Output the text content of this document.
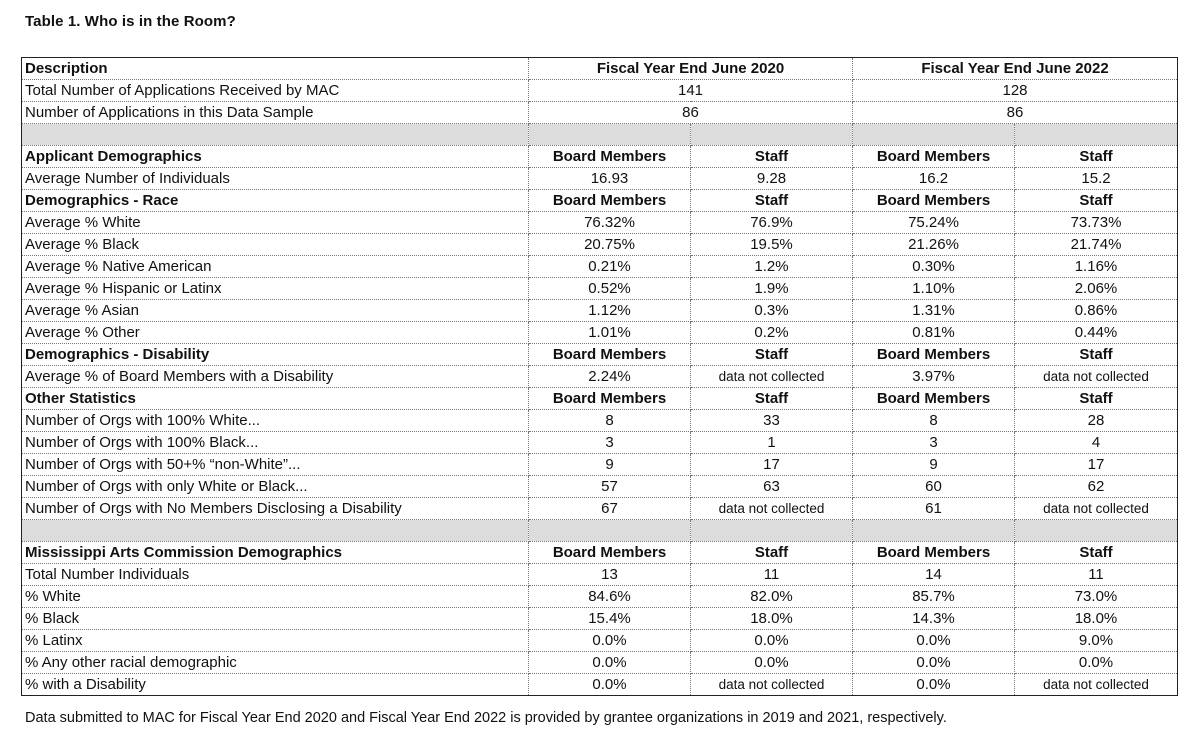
Table 1. Who is in the Room?
Description	Fiscal Year End June 2020		Fiscal Year End June 2022	
Total Number of Applications Received by MAC	141		128	
Number of Applications in this Data Sample	86		86	

Applicant Demographics	Board Members	Staff	Board Members	Staff
Average Number of Individuals	16.93	9.28	16.2	15.2
Demographics - Race	Board Members	Staff	Board Members	Staff
Average % White	76.32%	76.9%	75.24%	73.73%
Average % Black	20.75%	19.5%	21.26%	21.74%
Average % Native American	0.21%	1.2%	0.30%	1.16%
Average % Hispanic or Latinx	0.52%	1.9%	1.10%	2.06%
Average % Asian	1.12%	0.3%	1.31%	0.86%
Average % Other	1.01%	0.2%	0.81%	0.44%
Demographics - Disability	Board Members	Staff	Board Members	Staff
Average % of Board Members with a Disability	2.24%	data not collected	3.97%	data not collected
Other Statistics	Board Members	Staff	Board Members	Staff
Number of Orgs with 100% White...	8	33	8	28
Number of Orgs with 100% Black...	3	1	3	4
Number of Orgs with 50+% “non-White”...	9	17	9	17
Number of Orgs with only White or Black...	57	63	60	62
Number of Orgs with No Members Disclosing a Disability	67	data not collected	61	data not collected

Mississippi Arts Commission Demographics	Board Members	Staff	Board Members	Staff
Total Number Individuals	13	11	14	11
% White	84.6%	82.0%	85.7%	73.0%
% Black	15.4%	18.0%	14.3%	18.0%
% Latinx	0.0%	0.0%	0.0%	9.0%
% Any other racial demographic	0.0%	0.0%	0.0%	0.0%
% with a Disability	0.0%	data not collected	0.0%	data not collected
Data submitted to MAC for Fiscal Year End 2020 and Fiscal Year End 2022 is provided by grantee organizations in 2019 and 2021, respectively.
